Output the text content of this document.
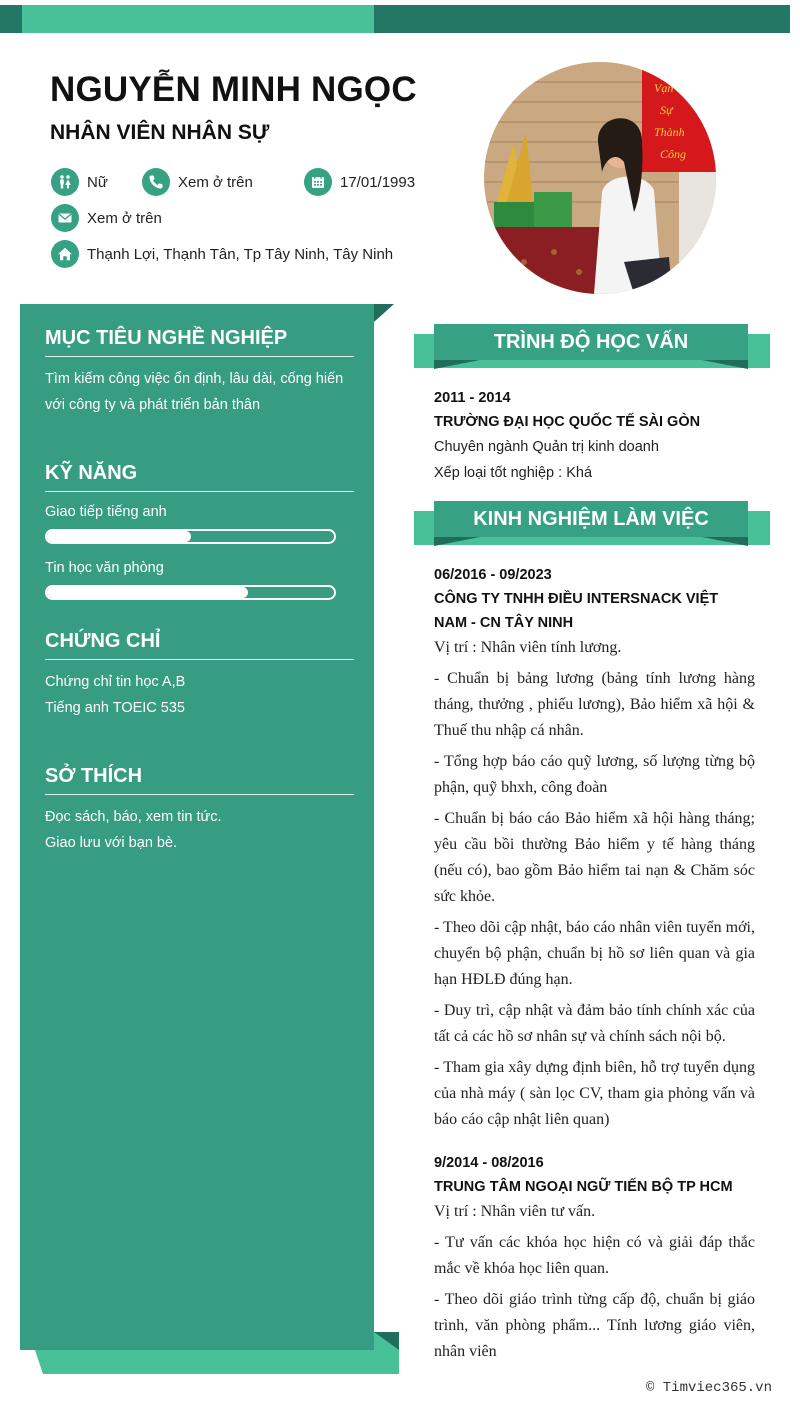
NGUYỄN MINH NGỌC
NHÂN VIÊN NHÂN SỰ
Nữ	Xem ở trên	17/01/1993
Xem ở trên
Thạnh Lợi, Thạnh Tân, Tp Tây Ninh, Tây Ninh
Vạn
Sự
Thành
Công
MỤC TIÊU NGHỀ NGHIỆP
Tìm kiếm công việc ổn định, lâu dài, cống hiến với công ty và phát triển bản thân
KỸ NĂNG
Giao tiếp tiếng anh
Tin học văn phòng
CHỨNG CHỈ
Chứng chỉ tin học A,B
Tiếng anh TOEIC 535
SỞ THÍCH
Đọc sách, báo, xem tin tức.
Giao lưu với bạn bè.
TRÌNH ĐỘ HỌC VẤN
2011 - 2014
TRƯỜNG ĐẠI HỌC QUỐC TẾ SÀI GÒN
Chuyên ngành Quản trị kinh doanh
Xếp loại tốt nghiệp : Khá
KINH NGHIỆM LÀM VIỆC
06/2016 - 09/2023
CÔNG TY TNHH ĐIỀU INTERSNACK VIỆT NAM - CN TÂY NINH

Vị trí : Nhân viên tính lương.

- Chuẩn bị bảng lương (bảng tính lương hàng tháng, thưởng , phiếu lương), Bảo hiểm xã hội & Thuế thu nhập cá nhân.

- Tổng hợp báo cáo quỹ lương, số lượng từng bộ phận, quỹ bhxh, công đoàn

- Chuẩn bị báo cáo Bảo hiểm xã hội hàng tháng; yêu cầu bồi thường Bảo hiểm y tế hàng tháng (nếu có), bao gồm Bảo hiểm tai nạn & Chăm sóc sức khỏe.

- Theo dõi cập nhật, báo cáo nhân viên tuyển mới, chuyển bộ phận, chuẩn bị hồ sơ liên quan và gia hạn HĐLĐ đúng hạn.

- Duy trì, cập nhật và đảm bảo tính chính xác của tất cả các hồ sơ nhân sự và chính sách nội bộ.

- Tham gia xây dựng định biên, hỗ trợ tuyển dụng của nhà máy ( sàn lọc CV, tham gia phỏng vấn và báo cáo cập nhật liên quan)

9/2014 - 08/2016
TRUNG TÂM NGOẠI NGỮ TIẾN BỘ TP HCM

Vị trí : Nhân viên tư vấn.

- Tư vấn các khóa học hiện có và giải đáp thắc mắc về khóa học liên quan.

- Theo dõi giáo trình từng cấp độ, chuẩn bị giáo trình, văn phòng phẩm... Tính lương giáo viên, nhân viên

© Timviec365.vn
